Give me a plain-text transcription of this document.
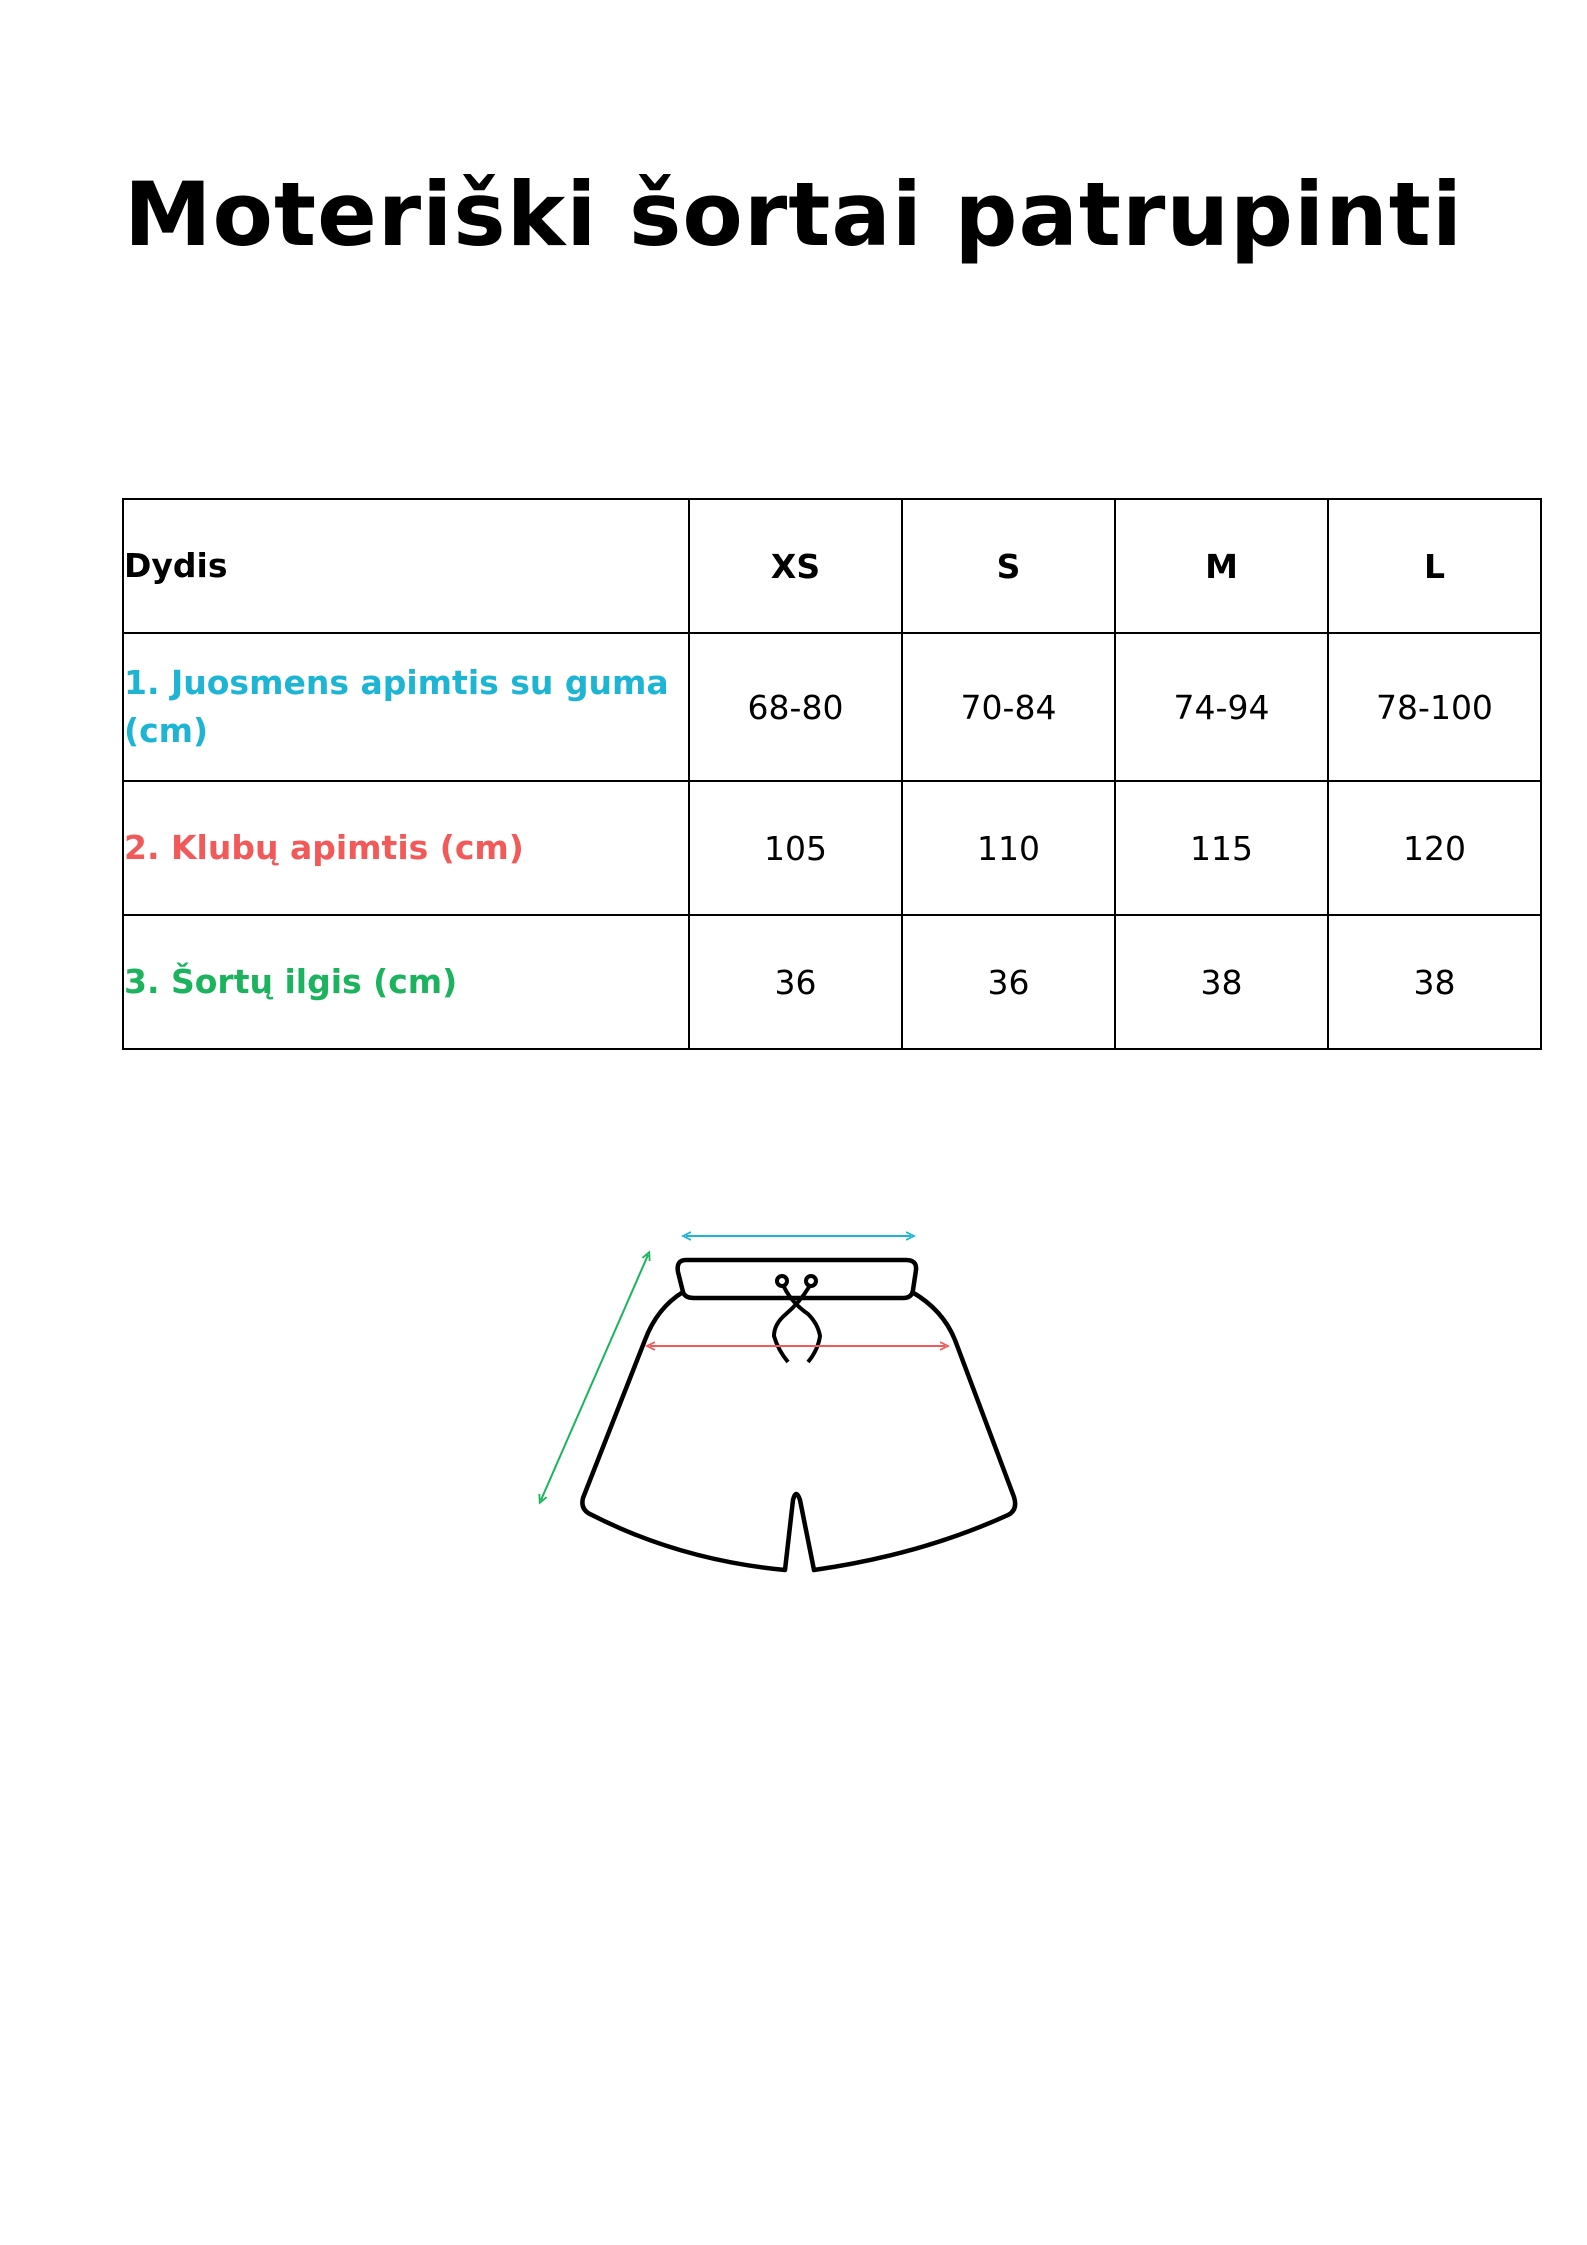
Moteriški šortai patrupinti
Dydis	XS	S	M	L
1. Juosmens apimtis su guma (cm)	68-80	70-84	74-94	78-100
2. Klubų apimtis (cm)	105	110	115	120
3. Šortų ilgis (cm)	36	36	38	38
